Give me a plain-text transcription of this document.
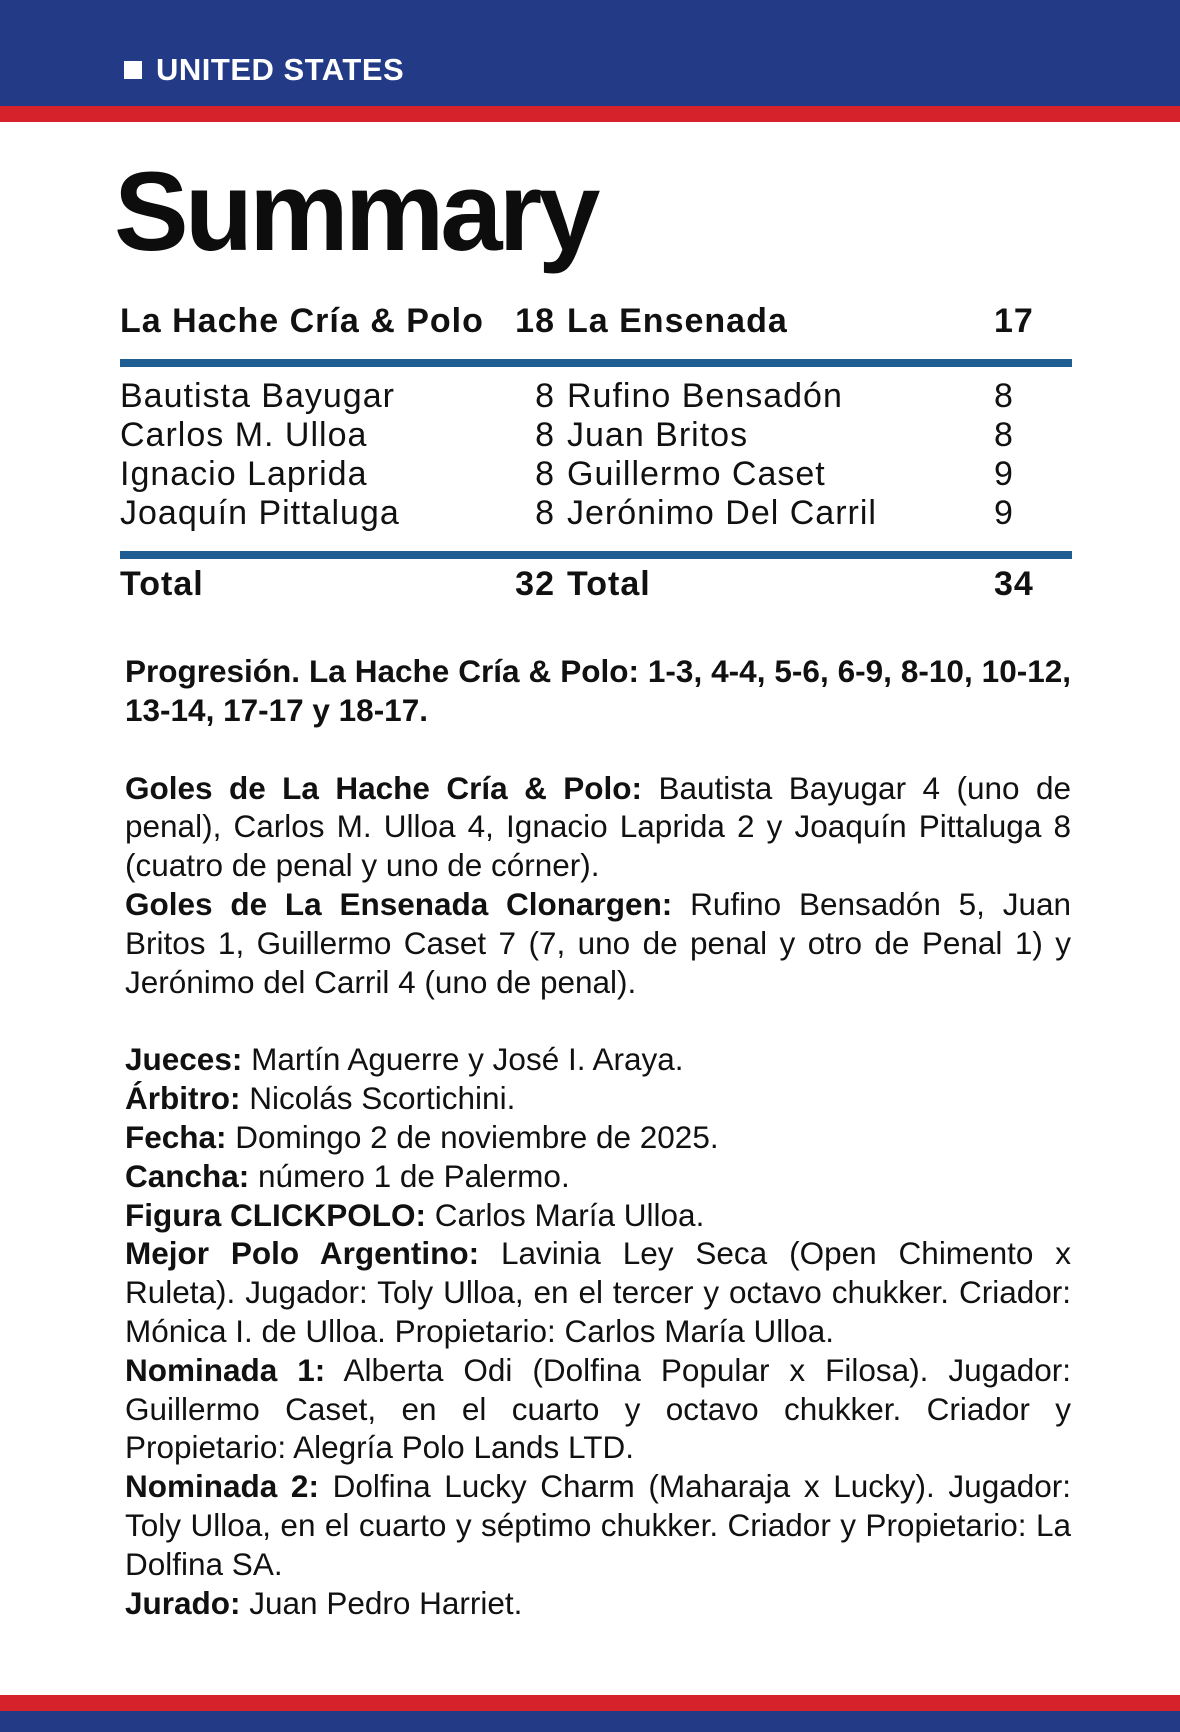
UNITED STATES
Summary
La Hache Cría & Polo 18 La Ensenada	17
Bautista Bayugar	8 Rufino Bensadón	8
Carlos M. Ulloa	8 Juan Britos	8
Ignacio Laprida	8 Guillermo Caset	9
Joaquín Pittaluga	8 Jerónimo Del Carril	9
Total	32 Total	34

Progresión. La Hache Cría & Polo: 1-3, 4-4, 5-6, 6-9, 8-10, 10-12, 13-14, 17-17 y 18-17.

Goles de La Hache Cría & Polo: Bautista Bayugar 4 (uno de penal), Carlos M. Ulloa 4, Ignacio Laprida 2 y Joaquín Pittaluga 8 (cuatro de penal y uno de córner).

Goles de La Ensenada Clonargen: Rufino Bensadón 5, Juan Britos 1, Guillermo Caset 7 (7, uno de penal y otro de Penal 1) y Jerónimo del Carril 4 (uno de penal).

Jueces: Martín Aguerre y José I. Araya.

Árbitro: Nicolás Scortichini.

Fecha: Domingo 2 de noviembre de 2025.

Cancha: número 1 de Palermo.

Figura CLICKPOLO: Carlos María Ulloa.

Mejor Polo Argentino: Lavinia Ley Seca (Open Chimento x Ruleta). Jugador: Toly Ulloa, en el tercer y octavo chukker. Criador: Mónica I. de Ulloa. Propietario: Carlos María Ulloa.

Nominada 1: Alberta Odi (Dolfina Popular x Filosa). Jugador: Guillermo Caset, en el cuarto y octavo chukker. Criador y Propietario: Alegría Polo Lands LTD.

Nominada 2: Dolfina Lucky Charm (Maharaja x Lucky). Jugador: Toly Ulloa, en el cuarto y séptimo chukker. Criador y Propietario: La Dolfina SA.

Jurado: Juan Pedro Harriet.
